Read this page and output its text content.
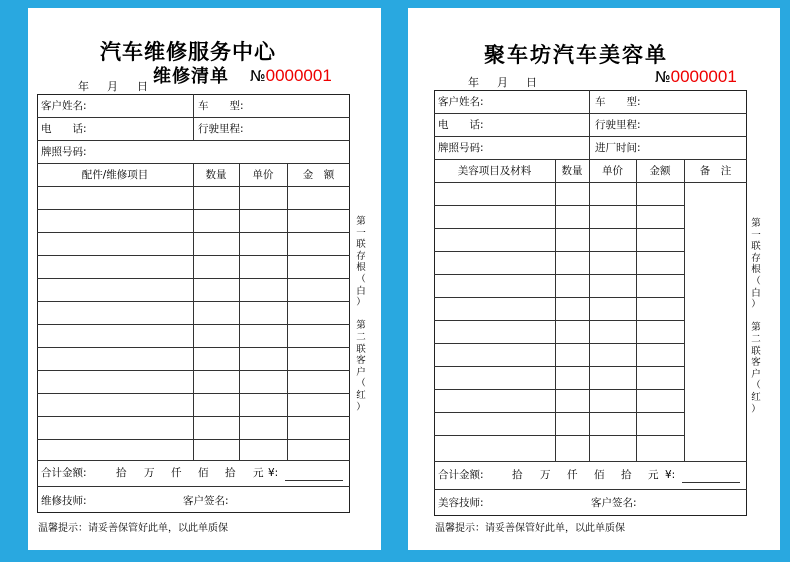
汽车维修服务中心
维修清单
年 月 日
№0000001
客户姓名:	车　　型:
电　　话:	行驶里程:
牌照号码:
配件/维修项目	数量	单价	金　额
合计金额:	拾 万 仟 佰 拾 元 ¥:
维修技师:	客户签名:
温馨提示：请妥善保管好此单，以此单质保
第
一
联
存
根
（
白
）

第
二
联
客
户
（
红
）
聚车坊汽车美容单
年 月 日	№0000001
客户姓名:	车　　型:
电　　话:	行驶里程:
牌照号码:	进厂时间:
美容项目及材料	数量	单价	金额	备　注
合计金额:	拾 万 仟 佰 拾 元 ¥:
美容技师:	客户签名:
温馨提示：请妥善保管好此单，以此单质保
第
一
联
存
根
（
白
）

第
二
联
客
户
（
红
）
